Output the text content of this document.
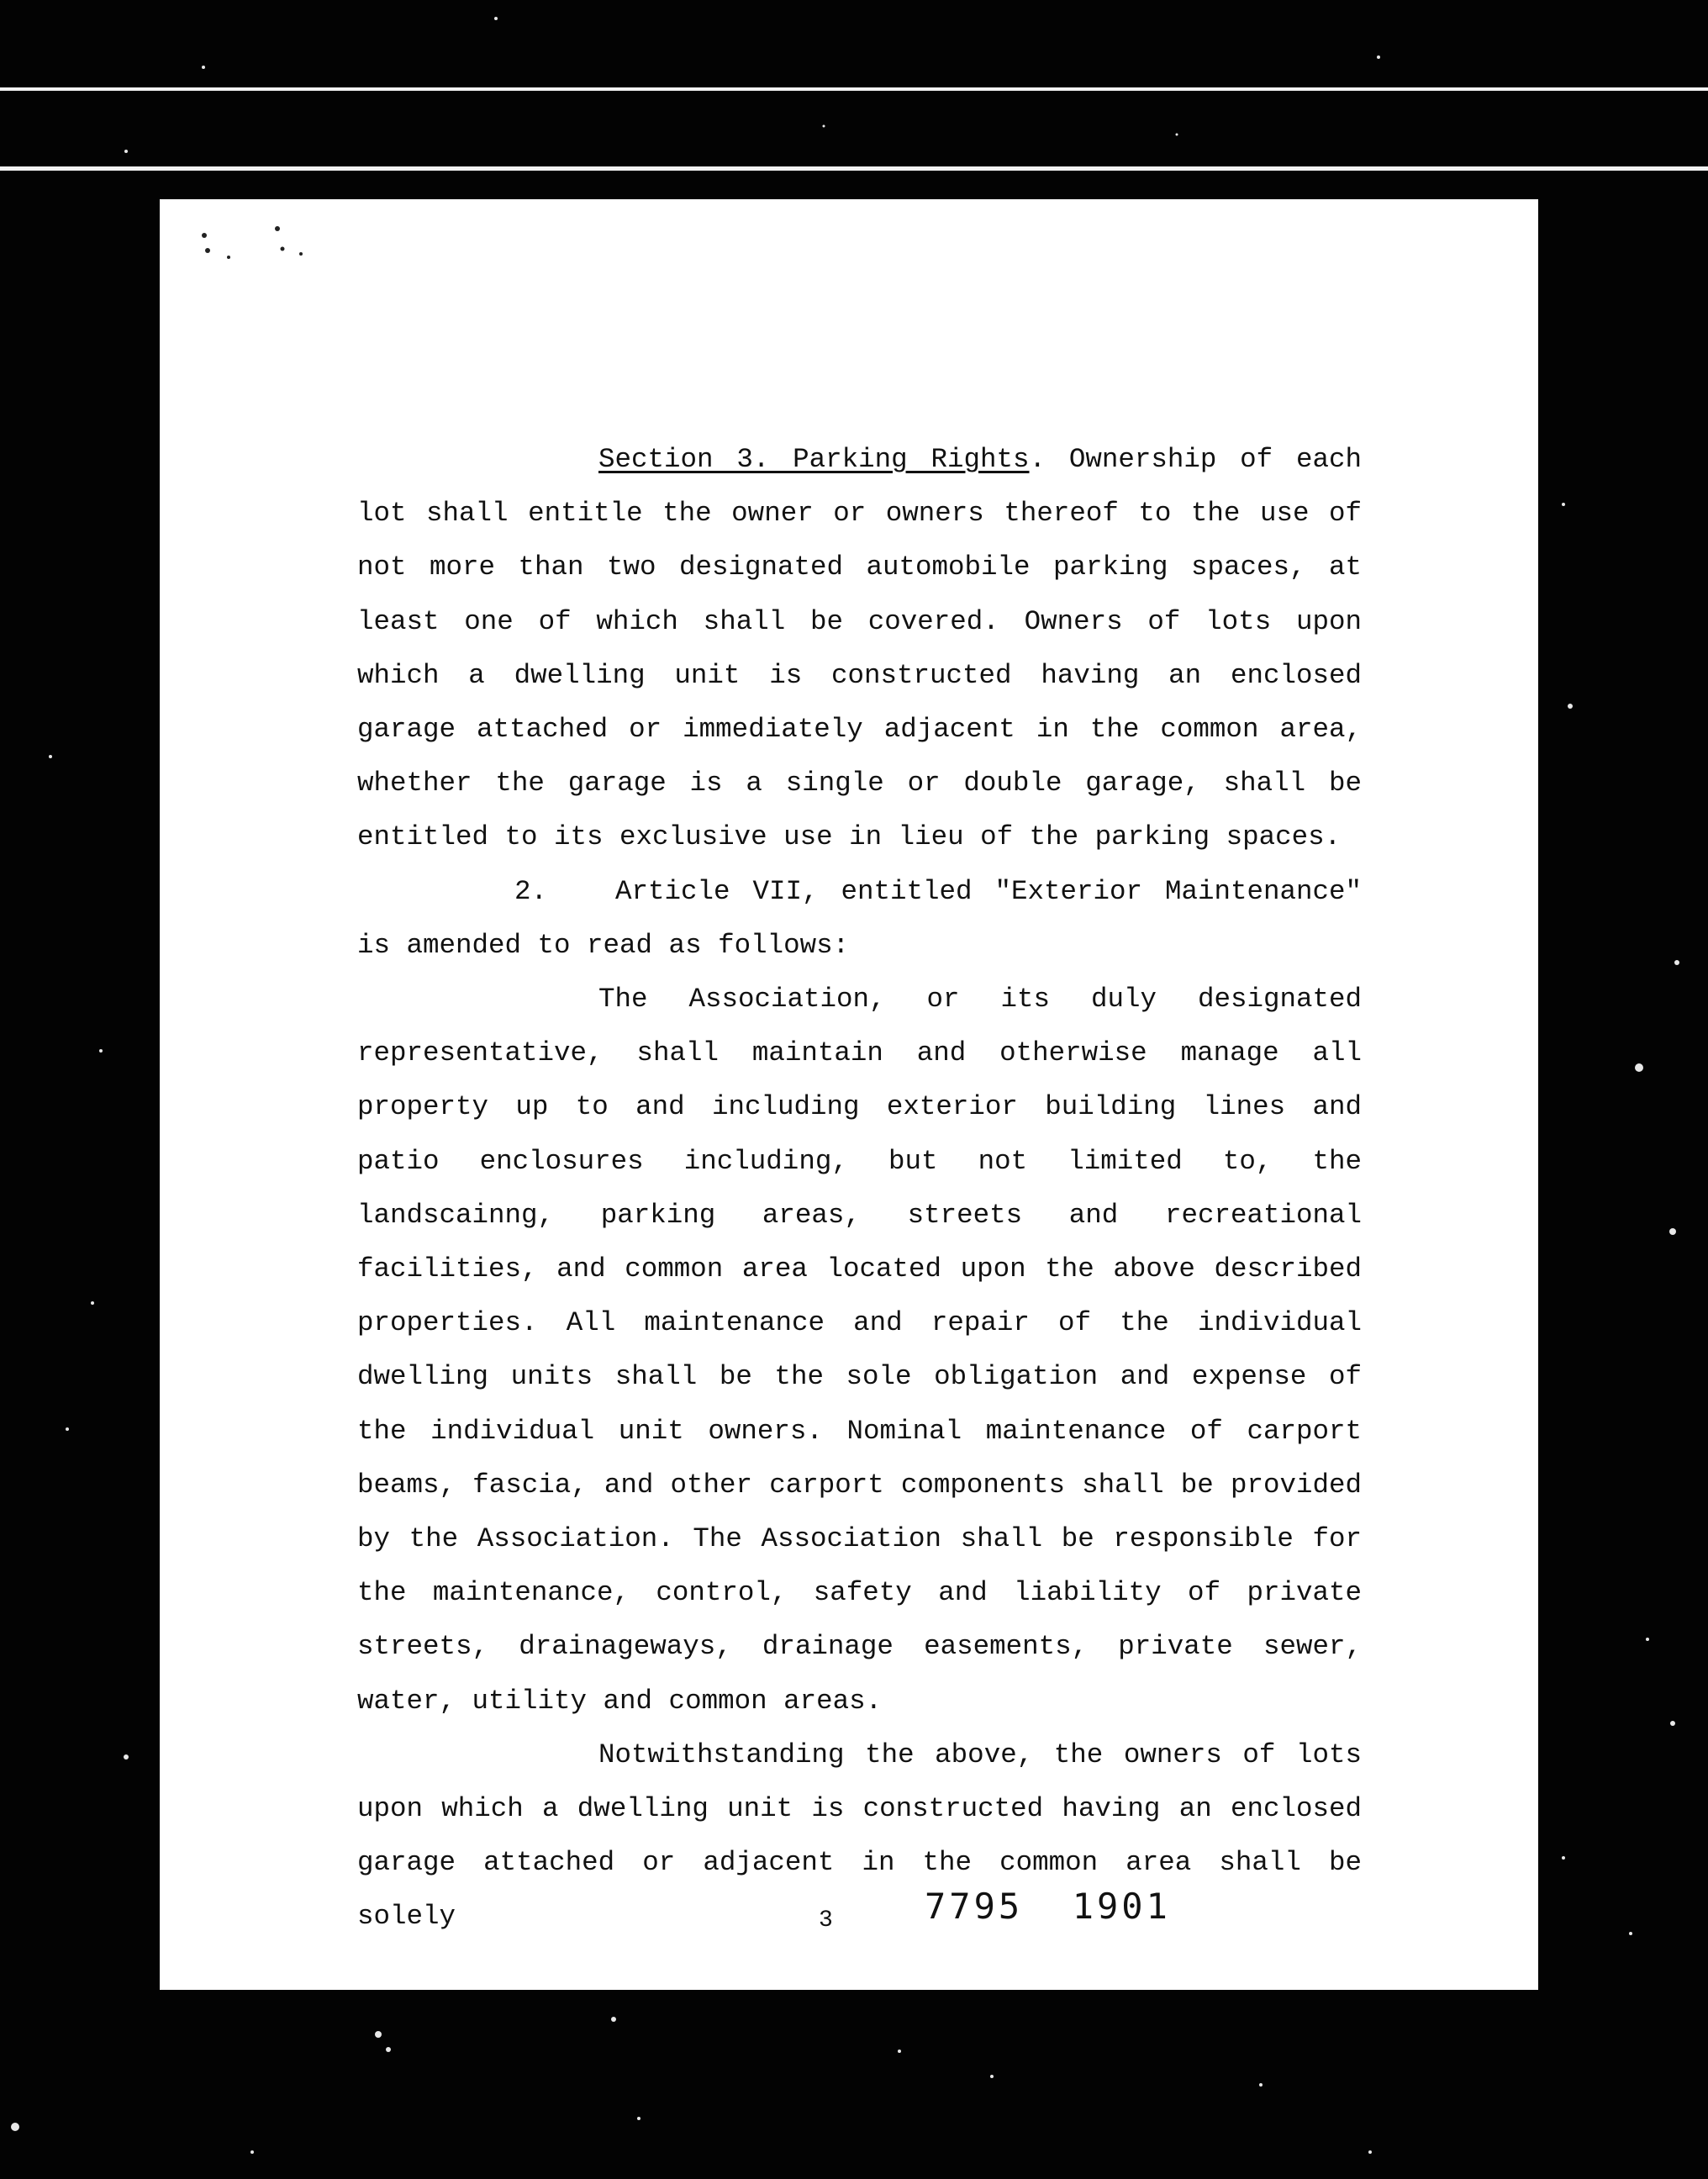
Section 3. Parking Rights. Ownership of each lot shall entitle the owner or owners thereof to the use of not more than two designated automobile parking spaces, at least one of which shall be covered. Owners of lots upon which a dwelling unit is constructed having an enclosed garage attached or immediately adjacent in the common area, whether the garage is a single or double garage, shall be entitled to its exclusive use in lieu of the parking spaces.

2. Article VII, entitled "Exterior Maintenance" is amended to read as follows:

The Association, or its duly designated representative, shall maintain and otherwise manage all property up to and including exterior building lines and patio enclosures including, but not limited to, the landscainng, parking areas, streets and recreational facilities, and common area located upon the above described properties. All maintenance and repair of the individual dwelling units shall be the sole obligation and expense of the individual unit owners. Nominal maintenance of carport beams, fascia, and other carport components shall be provided by the Association. The Association shall be responsible for the maintenance, control, safety and liability of private streets, drainageways, drainage easements, private sewer, water, utility and common areas.

Notwithstanding the above, the owners of lots upon which a dwelling unit is constructed having an enclosed garage attached or adjacent in the common area shall be solely	3	7795  1901
